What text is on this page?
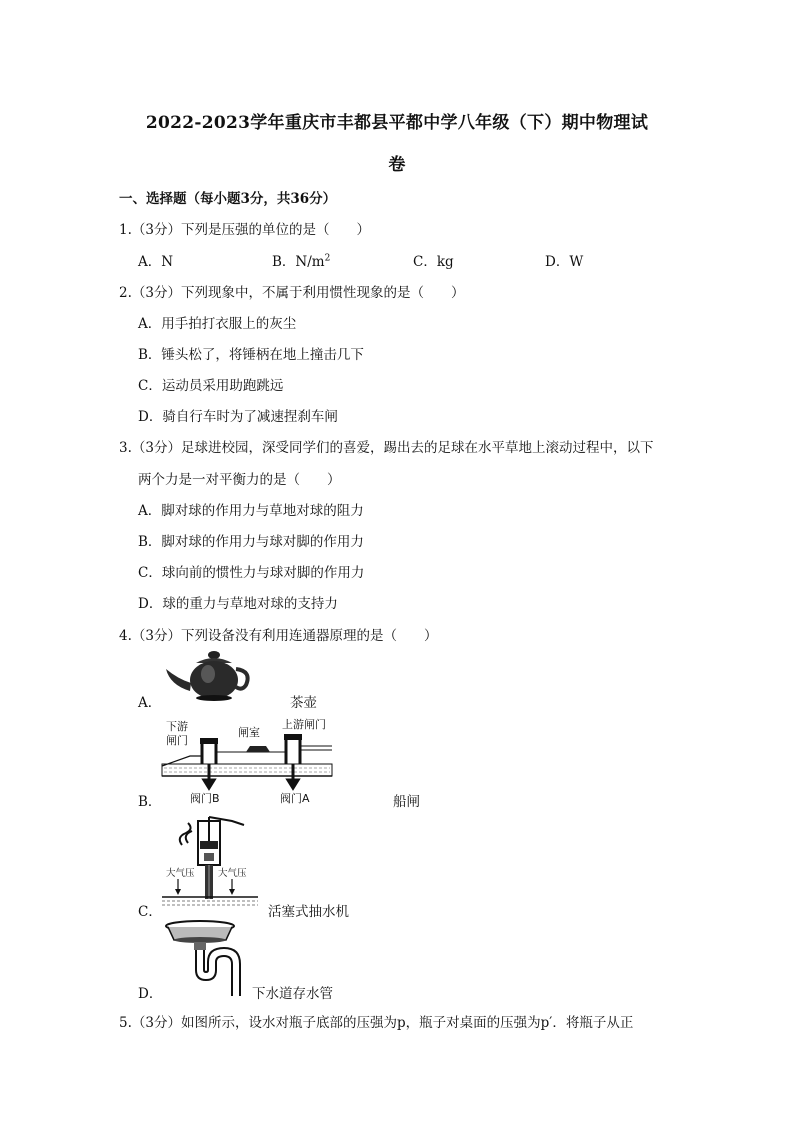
2022-2023学年重庆市丰都县平都中学八年级（下）期中物理试
卷
一、选择题（每小题3分，共36分）
1.（3分）下列是压强的单位的是（　　）
A．N	B．$N/m^2$	C．kg	D．W
2.（3分）下列现象中，不属于利用惯性现象的是（　　）
A．用手拍打衣服上的灰尘
B．锤头松了，将锤柄在地上撞击几下
C．运动员采用助跑跳远
D．骑自行车时为了减速捏刹车闸
3.（3分）足球进校园，深受同学们的喜爱，踢出去的足球在水平草地上滚动过程中，以下
两个力是一对平衡力的是（　　）
A．脚对球的作用力与草地对球的阻力
B．脚对球的作用力与球对脚的作用力
C．球向前的惯性力与球对脚的作用力
D．球的重力与草地对球的支持力
4.（3分）下列设备没有利用连通器原理的是（　　）
A．	茶壶
B．
下游
闸门
闸室
上游闸门
阀门B	阀门A	船闸
C．
大气压 大气压
活塞式抽水机
D．	下水道存水管
5.（3分）如图所示，设水对瓶子底部的压强为p，瓶子对桌面的压强为p′．将瓶子从正
